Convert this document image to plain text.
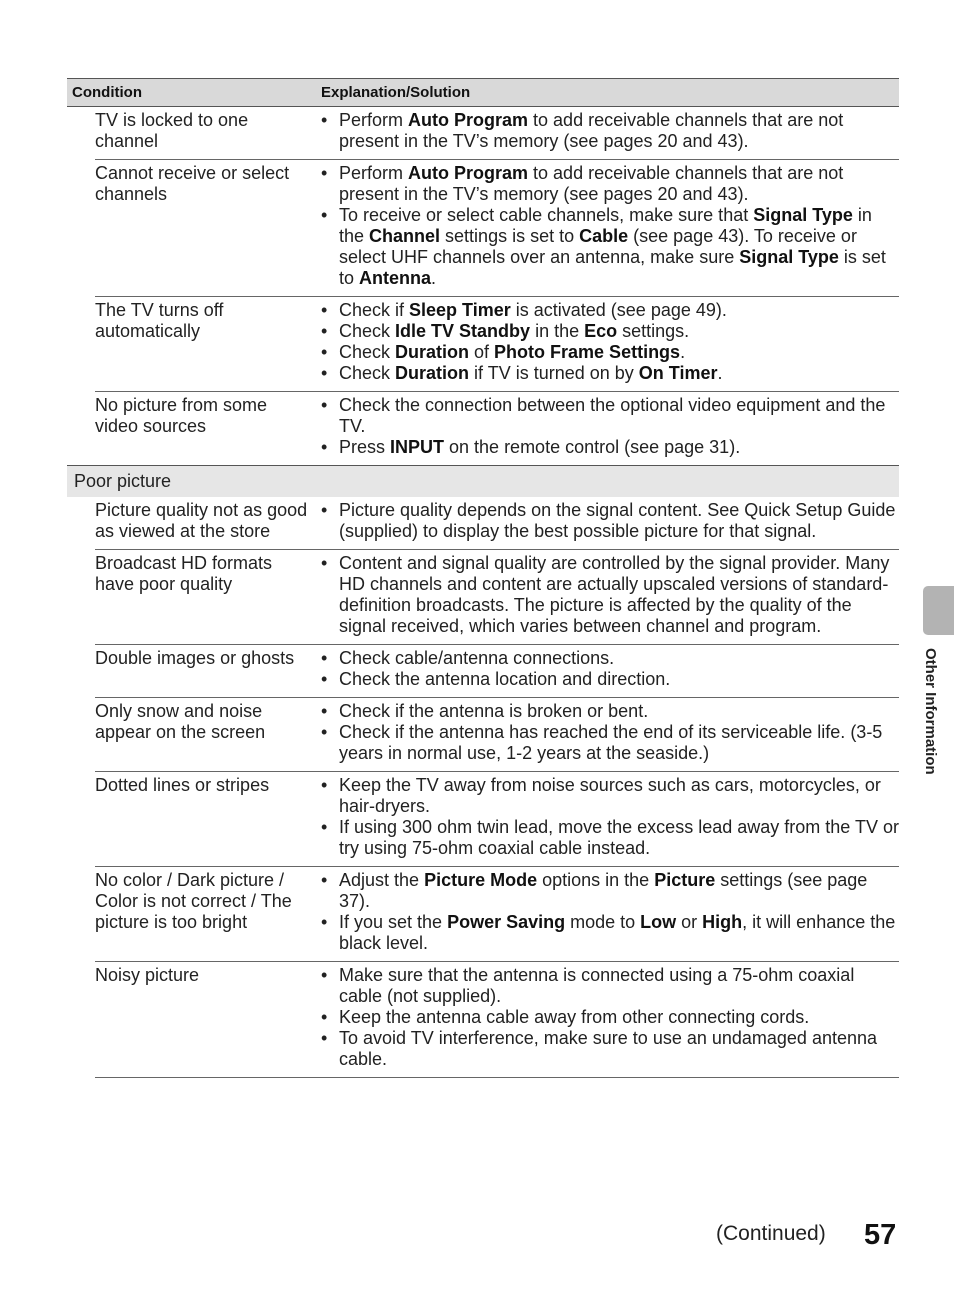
Condition	Explanation/Solution
TV is locked to one channel
• Perform Auto Program to add receivable channels that are not present in the TV’s memory (see pages 20 and 43).
Cannot receive or select channels
• Perform Auto Program to add receivable channels that are not present in the TV’s memory (see pages 20 and 43).
• To receive or select cable channels, make sure that Signal Type in the Channel settings is set to Cable (see page 43). To receive or select UHF channels over an antenna, make sure Signal Type is set to Antenna.
The TV turns off automatically
• Check if Sleep Timer is activated (see page 49).
• Check Idle TV Standby in the Eco settings.
• Check Duration of Photo Frame Settings.
• Check Duration if TV is turned on by On Timer.
No picture from some video sources
• Check the connection between the optional video equipment and the TV.
• Press INPUT on the remote control (see page 31).
Poor picture
Picture quality not as good as viewed at the store
• Picture quality depends on the signal content. See Quick Setup Guide (supplied) to display the best possible picture for that signal.
Broadcast HD formats have poor quality
• Content and signal quality are controlled by the signal provider. Many HD channels and content are actually upscaled versions of standard-definition broadcasts. The picture is affected by the quality of the signal received, which varies between channel and program.
Double images or ghosts	• Check cable/antenna connections.
• Check the antenna location and direction.
Only snow and noise appear on the screen
• Check if the antenna is broken or bent.
• Check if the antenna has reached the end of its serviceable life. (3-5 years in normal use, 1-2 years at the seaside.)
Dotted lines or stripes	• Keep the TV away from noise sources such as cars, motorcycles, or hair-dryers.
• If using 300 ohm twin lead, move the excess lead away from the TV or try using 75-ohm coaxial cable instead.
No color / Dark picture / Color is not correct / The picture is too bright
• Adjust the Picture Mode options in the Picture settings (see page 37).
• If you set the Power Saving mode to Low or High, it will enhance the black level.
Noisy picture	• Make sure that the antenna is connected using a 75-ohm coaxial cable (not supplied).
• Keep the antenna cable away from other connecting cords.
• To avoid TV interference, make sure to use an undamaged antenna cable.
Other Information
(Continued) 57
